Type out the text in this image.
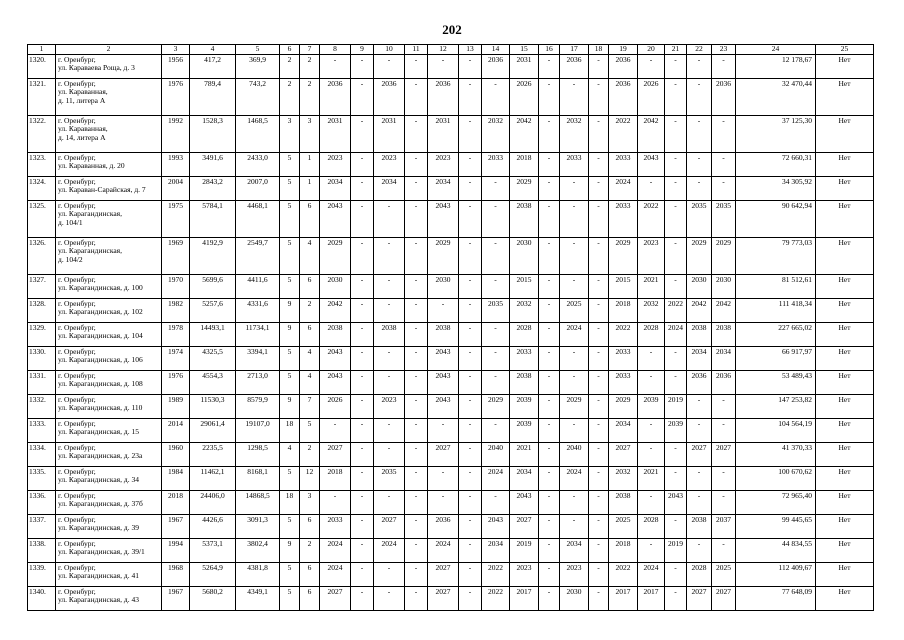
202
1	2	3	4	5	6	7	8	9	10	11	12	13	14	15	16	17	18	19	20	21	22	23	24	25
1320.	г. Оренбург,
ул. Караваева Роща, д. 3	1956	417,2	369,9	2	2	-	-	-	-	-	-	2036	2031	-	2036	-	2036	-	-	-	-	12 178,67	Нет
1321.	г. Оренбург,
ул. Караванная,
д. 11, литера А	1976	789,4	743,2	2	2	2036	-	2036	-	2036	-	-	2026	-	-	-	2036	2026	-	-	2036	32 470,44	Нет
1322.	г. Оренбург,
ул. Караванная,
д. 14, литера А	1992	1528,3	1468,5	3	3	2031	-	2031	-	2031	-	2032	2042	-	2032	-	2022	2042	-	-	-	37 125,30	Нет
1323.	г. Оренбург,
ул. Караванная, д. 20	1993	3491,6	2433,0	5	1	2023	-	2023	-	2023	-	2033	2018	-	2033	-	2033	2043	-	-	-	72 660,31	Нет
1324.	г. Оренбург,
ул. Караван-Сарайская, д. 7	2004	2843,2	2007,0	5	1	2034	-	2034	-	2034	-	-	2029	-	-	-	2024	-	-	-	-	34 305,92	Нет
1325.	г. Оренбург,
ул. Карагандинская,
д. 104/1	1975	5784,1	4468,1	5	6	2043	-	-	-	2043	-	-	2038	-	-	-	2033	2022	-	2035	2035	90 642,94	Нет
1326.	г. Оренбург,
ул. Карагандинская,
д. 104/2	1969	4192,9	2549,7	5	4	2029	-	-	-	2029	-	-	2030	-	-	-	2029	2023	-	2029	2029	79 773,03	Нет
1327.	г. Оренбург,
ул. Карагандинская, д. 100	1970	5699,6	4411,6	5	6	2030	-	-	-	2030	-	-	2015	-	-	-	2015	2021	-	2030	2030	81 512,61	Нет
1328.	г. Оренбург,
ул. Карагандинская, д. 102	1982	5257,6	4331,6	9	2	2042	-	-	-	-	-	2035	2032	-	2025	-	2018	2032	2022	2042	2042	111 418,34	Нет
1329.	г. Оренбург,
ул. Карагандинская, д. 104	1978	14493,1	11734,1	9	6	2038	-	2038	-	2038	-	-	2028	-	2024	-	2022	2028	2024	2038	2038	227 665,02	Нет
1330.	г. Оренбург,
ул. Карагандинская, д. 106	1974	4325,5	3394,1	5	4	2043	-	-	-	2043	-	-	2033	-	-	-	2033	-	-	2034	2034	66 917,97	Нет
1331.	г. Оренбург,
ул. Карагандинская, д. 108	1976	4554,3	2713,0	5	4	2043	-	-	-	2043	-	-	2038	-	-	-	2033	-	-	2036	2036	53 489,43	Нет
1332.	г. Оренбург,
ул. Карагандинская, д. 110	1989	11530,3	8579,9	9	7	2026	-	2023	-	2043	-	2029	2039	-	2029	-	2029	2039	2019	-	-	147 253,82	Нет
1333.	г. Оренбург,
ул. Карагандинская, д. 15	2014	29061,4	19107,0	18	5	-	-	-	-	-	-	-	2039	-	-	-	2034	-	2039	-	-	104 564,19	Нет
1334.	г. Оренбург,
ул. Карагандинская, д. 23а	1960	2235,5	1298,5	4	2	2027	-	-	-	2027	-	2040	2021	-	2040	-	2027	-	-	2027	2027	41 370,33	Нет
1335.	г. Оренбург,
ул. Карагандинская, д. 34	1984	11462,1	8168,1	5	12	2018	-	2035	-	-	-	2024	2034	-	2024	-	2032	2021	-	-	-	100 670,62	Нет
1336.	г. Оренбург,
ул. Карагандинская, д. 37б	2018	24406,0	14868,5	18	3	-	-	-	-	-	-	-	2043	-	-	-	2038	-	2043	-	-	72 965,40	Нет
1337.	г. Оренбург,
ул. Карагандинская, д. 39	1967	4426,6	3091,3	5	6	2033	-	2027	-	2036	-	2043	2027	-	-	-	2025	2028	-	2038	2037	99 445,65	Нет
1338.	г. Оренбург,
ул. Карагандинская, д. 39/1	1994	5373,1	3802,4	9	2	2024	-	2024	-	2024	-	2034	2019	-	2034	-	2018	-	2019	-	-	44 834,55	Нет
1339.	г. Оренбург,
ул. Карагандинская, д. 41	1968	5264,9	4381,8	5	6	2024	-	-	-	2027	-	2022	2023	-	2023	-	2022	2024	-	2028	2025	112 409,67	Нет
1340.	г. Оренбург,
ул. Карагандинская, д. 43	1967	5680,2	4349,1	5	6	2027	-	-	-	2027	-	2022	2017	-	2030	-	2017	2017	-	2027	2027	77 648,09	Нет
